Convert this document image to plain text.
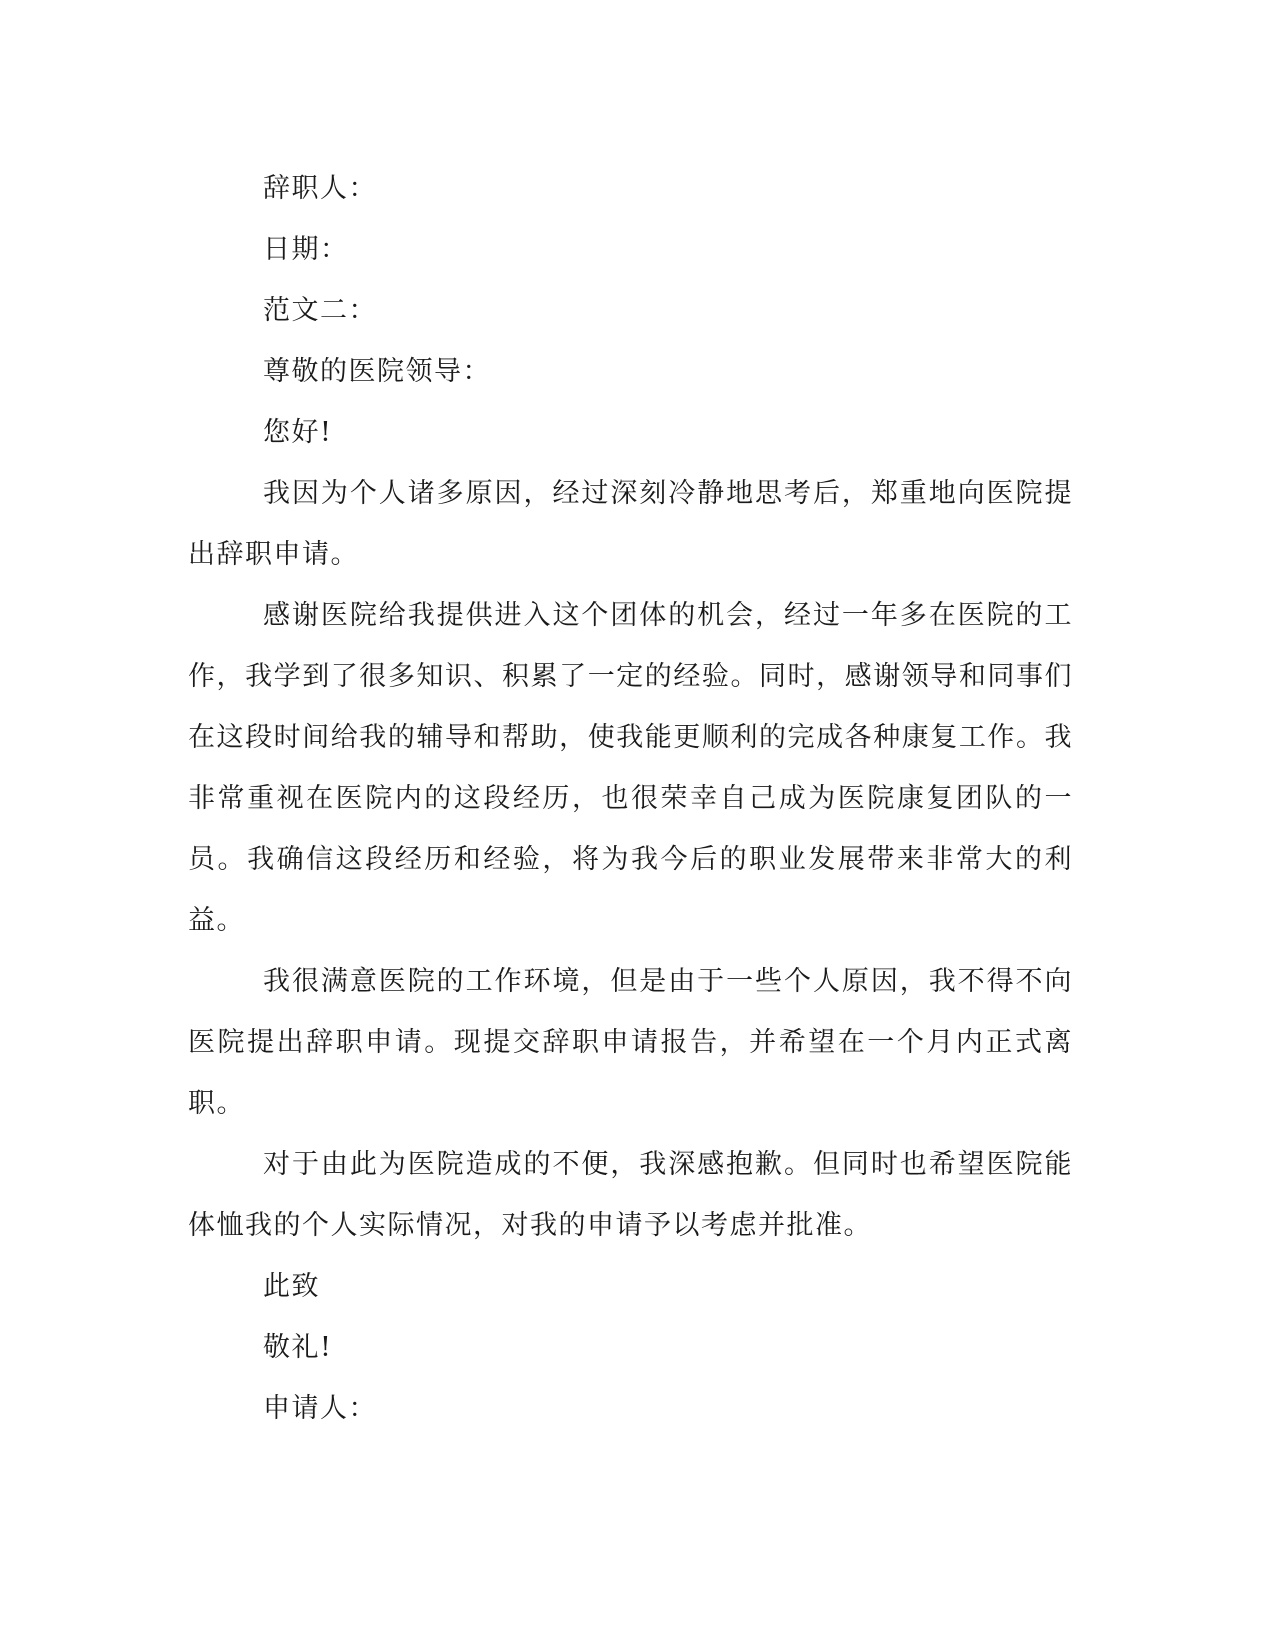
辞职人：

日期：

范文二：

尊敬的医院领导：

您好!

我因为个人诸多原因，经过深刻冷静地思考后，郑重地向医院提出辞职申请。

感谢医院给我提供进入这个团体的机会，经过一年多在医院的工作，我学到了很多知识、积累了一定的经验。同时，感谢领导和同事们在这段时间给我的辅导和帮助，使我能更顺利的完成各种康复工作。我非常重视在医院内的这段经历，也很荣幸自己成为医院康复团队的一员。我确信这段经历和经验，将为我今后的职业发展带来非常大的利益。

我很满意医院的工作环境，但是由于一些个人原因，我不得不向医院提出辞职申请。现提交辞职申请报告，并希望在一个月内正式离职。

对于由此为医院造成的不便，我深感抱歉。但同时也希望医院能体恤我的个人实际情况，对我的申请予以考虑并批准。

此致

敬礼!

申请人：
